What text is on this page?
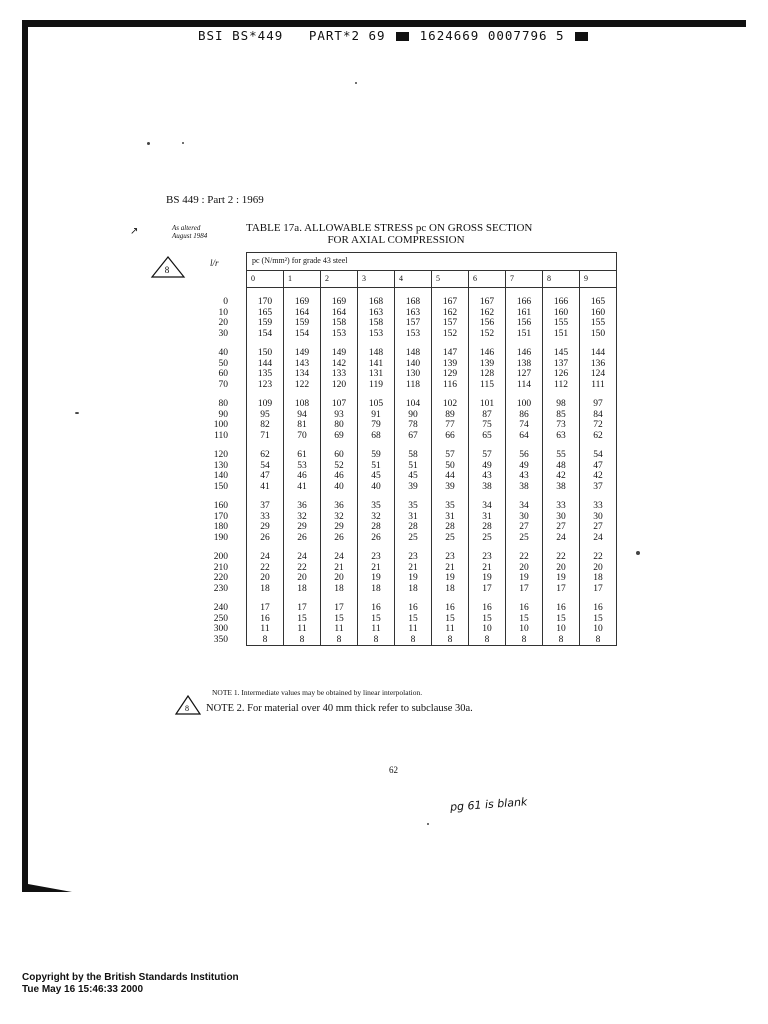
BSI BS*449 PART*2 69	1624669 0007796 5
BS 449 : Part 2 : 1969
↗	As altered
August 1984
TABLE 17a. ALLOWABLE STRESS pc ON GROSS SECTION
FOR AXIAL COMPRESSION
8
l/r
		pc (N/mm²) for grade 43 steel									
	0	1	2	3	4	5	6	7	8	9

0	170	169	169	168	168	167	167	166	166	165
10	165	164	164	163	163	162	162	161	160	160
20	159	159	158	158	157	157	156	156	155	155
30	154	154	153	153	153	152	152	151	151	150

40	150	149	149	148	148	147	146	146	145	144
50	144	143	142	141	140	139	139	138	137	136
60	135	134	133	131	130	129	128	127	126	124
70	123	122	120	119	118	116	115	114	112	111

80	109	108	107	105	104	102	101	100	98	97
90	95	94	93	91	90	89	87	86	85	84
100	82	81	80	79	78	77	75	74	73	72
110	71	70	69	68	67	66	65	64	63	62

120	62	61	60	59	58	57	57	56	55	54
130	54	53	52	51	51	50	49	49	48	47
140	47	46	46	45	45	44	43	43	42	42
150	41	41	40	40	39	39	38	38	38	37

160	37	36	36	35	35	35	34	34	33	33
170	33	32	32	32	31	31	31	30	30	30
180	29	29	29	28	28	28	28	27	27	27
190	26	26	26	26	25	25	25	25	24	24

200	24	24	24	23	23	23	23	22	22	22
210	22	22	21	21	21	21	21	20	20	20
220	20	20	20	19	19	19	19	19	19	18
230	18	18	18	18	18	18	17	17	17	17

240	17	17	17	16	16	16	16	16	16	16
250	16	15	15	15	15	15	15	15	15	15
300	11	11	11	11	11	11	10	10	10	10
350	8	8	8	8	8	8	8	8	8	8
NOTE 1. Intermediate values may be obtained by linear interpolation.
8 NOTE 2. For material over 40 mm thick refer to subclause 30a.
62
pg 61 is blank
Copyright by the British Standards Institution
Tue May 16 15:46:33 2000
